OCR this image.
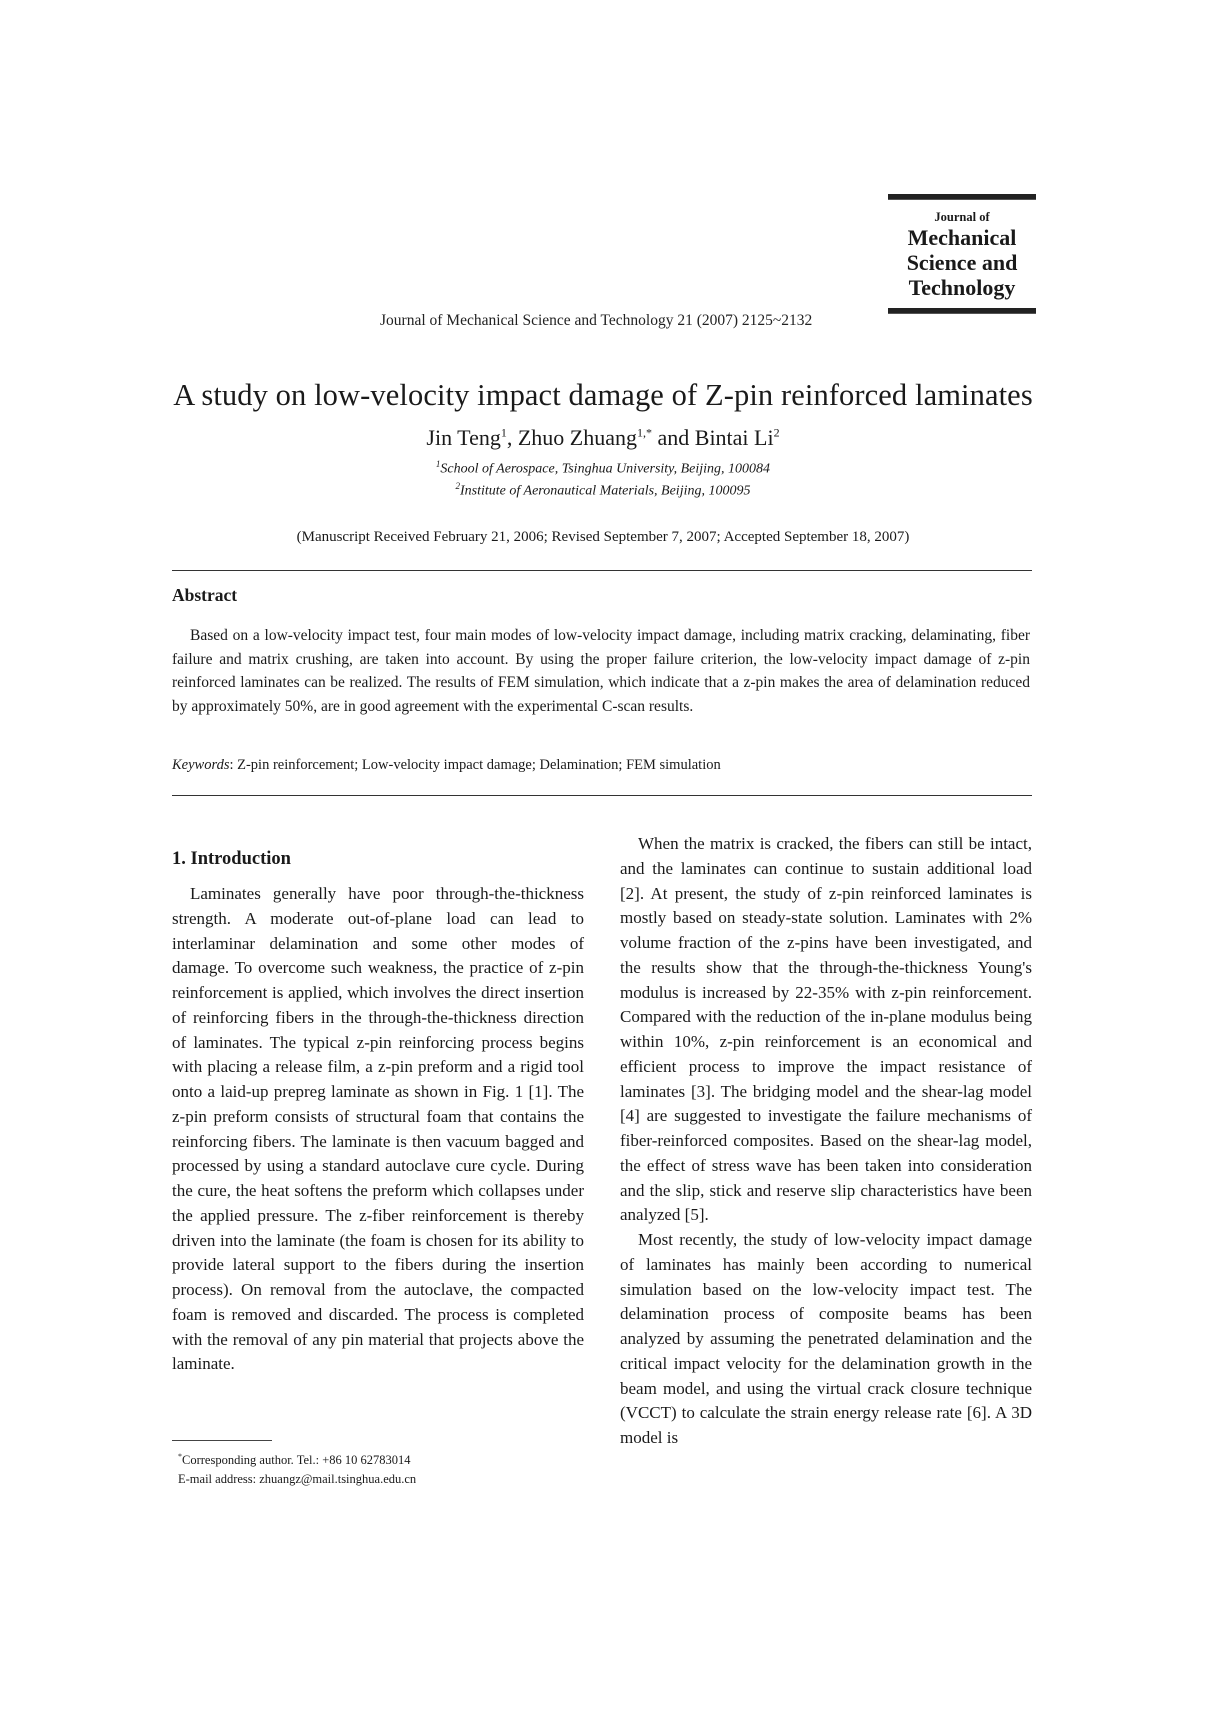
Journal of Mechanical Science and Technology 21 (2007) 2125~2132
Journal of
Mechanical
Science and
Technology
A study on low-velocity impact damage of Z-pin reinforced laminates
Jin Teng$^1$, Zhuo Zhuang$^{1,*}$ and Bintai Li$^2$
$^1$School of Aerospace, Tsinghua University, Beijing, 100084
$^2$Institute of Aeronautical Materials, Beijing, 100095
(Manuscript Received February 21, 2006; Revised September 7, 2007; Accepted September 18, 2007)
Abstract
Based on a low-velocity impact test, four main modes of low-velocity impact damage, including matrix cracking, delaminating, fiber failure and matrix crushing, are taken into account. By using the proper failure criterion, the low-velocity impact damage of z-pin reinforced laminates can be realized. The results of FEM simulation, which indicate that a z-pin makes the area of delamination reduced by approximately 50%, are in good agreement with the experimental C-scan results.
Keywords: Z-pin reinforcement; Low-velocity impact damage; Delamination; FEM simulation
1. Introduction

Laminates generally have poor through-the-thickness strength. A moderate out-of-plane load can lead to interlaminar delamination and some other modes of damage. To overcome such weakness, the practice of z-pin reinforcement is applied, which involves the direct insertion of reinforcing fibers in the through-the-thickness direction of laminates. The typical z-pin reinforcing process begins with placing a release film, a z-pin preform and a rigid tool onto a laid-up prepreg laminate as shown in Fig. 1 [1]. The z-pin preform consists of structural foam that contains the reinforcing fibers. The laminate is then vacuum bagged and processed by using a standard autoclave cure cycle. During the cure, the heat softens the preform which collapses under the applied pressure. The z-fiber reinforcement is thereby driven into the laminate (the foam is chosen for its ability to provide lateral support to the fibers during the insertion process). On removal from the autoclave, the compacted foam is removed and discarded. The process is completed with the removal of any pin material that projects above the laminate.

When the matrix is cracked, the fibers can still be intact, and the laminates can continue to sustain additional load [2]. At present, the study of z-pin reinforced laminates is mostly based on steady-state solution. Laminates with 2% volume fraction of the z-pins have been investigated, and the results show that the through-the-thickness Young's modulus is increased by 22-35% with z-pin reinforcement. Compared with the reduction of the in-plane modulus being within 10%, z-pin reinforcement is an economical and efficient process to improve the impact resistance of laminates [3]. The bridging model and the shear-lag model [4] are suggested to investigate the failure mechanisms of fiber-reinforced composites. Based on the shear-lag model, the effect of stress wave has been taken into consideration and the slip, stick and reserve slip characteristics have been analyzed [5].

Most recently, the study of low-velocity impact damage of laminates has mainly been according to numerical simulation based on the low-velocity impact test. The delamination process of composite beams has been analyzed by assuming the penetrated delamination and the critical impact velocity for the delamination growth in the beam model, and using the virtual crack closure technique (VCCT) to calculate the strain energy release rate [6]. A 3D model is

*Corresponding author. Tel.: +86 10 62783014
E-mail address: zhuangz@mail.tsinghua.edu.cn
